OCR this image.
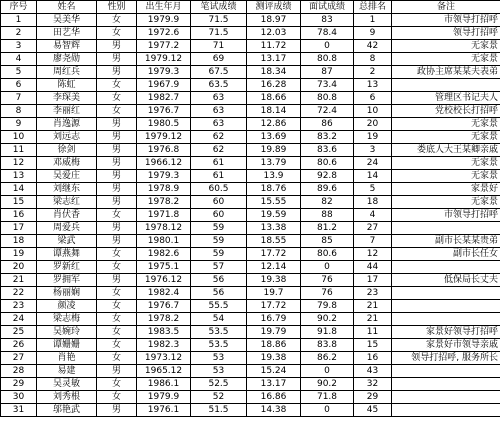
序号	姓名	性别	出生年月	笔试成绩	测评成绩	面试成绩	总排名	备注
1	吴美华	女	1979.9	71.5	18.97	83	1	市领导打招呼
2	田艺华	女	1972.6	71.5	12.03	78.4	9	领导打招呼
3	易智辉	男	1977.2	71	11.72	0	42	无家景
4	廖尧勋	男	1979.12	69	13.17	80.8	8	无家景
5	周红兵	男	1979.3	67.5	18.34	87	2	政协主席某某夫表弟
6	陈虹	女	1967.9	63.5	16.28	73.4	13	
7	李琛美	女	1982.7	63	18.66	80.8	6	管理区书记夫人
8	李丽红	女	1976.7	63	18.14	72.4	10	党校校长打招呼
9	肖逸源	男	1980.5	63	12.86	86	20	无家景
10	刘远志	男	1979.12	62	13.69	83.2	19	无家景
11	徐剑	男	1976.8	62	19.89	83.6	3	娄底人大王某卿亲戚
12	邓威梅	男	1966.12	61	13.79	80.6	24	无家景
13	吴爱庄	男	1979.3	61	13.9	92.8	14	无家景
14	刘继东	男	1978.9	60.5	18.76	89.6	5	家景好
15	梁志红	男	1978.2	60	15.55	82	18	无家景
16	肖伏香	女	1971.8	60	19.59	88	4	市领导打招呼
17	周爱兵	男	1978.12	59	13.38	81.2	27	
18	梁武	男	1980.1	59	18.55	85	7	副市长某某贵弟
19	谭燕舞	女	1982.6	59	17.72	80.6	12	副市长任女
20	罗新红	女	1975.1	57	12.14	0	44	
21	罗拥军	男	1976.12	56	19.38	76	17	低保局长丈夫
22	杨丽娴	女	1982.4	56	19.7	76	23	
23	颜凌	女	1976.7	55.5	17.72	79.8	21	
24	梁志梅	女	1978.2	54	16.79	90.2	21	
25	吴婉玲	女	1983.5	53.5	19.79	91.8	11	家景好领导打招呼
26	谭姗姗	女	1982.3	53.5	18.86	83.8	15	家景好市领导亲戚
27	肖艳	女	1973.12	53	19.38	86.2	16	领导打招呼, 服务所长
28	易建	男	1965.12	53	15.24	0	43	
29	吴灵敏	女	1986.1	52.5	13.17	90.2	32	
30	刘秀根	女	1979.9	52	16.86	71.8	29	
31	邬艳武	男	1976.1	51.5	14.38	0	45	
